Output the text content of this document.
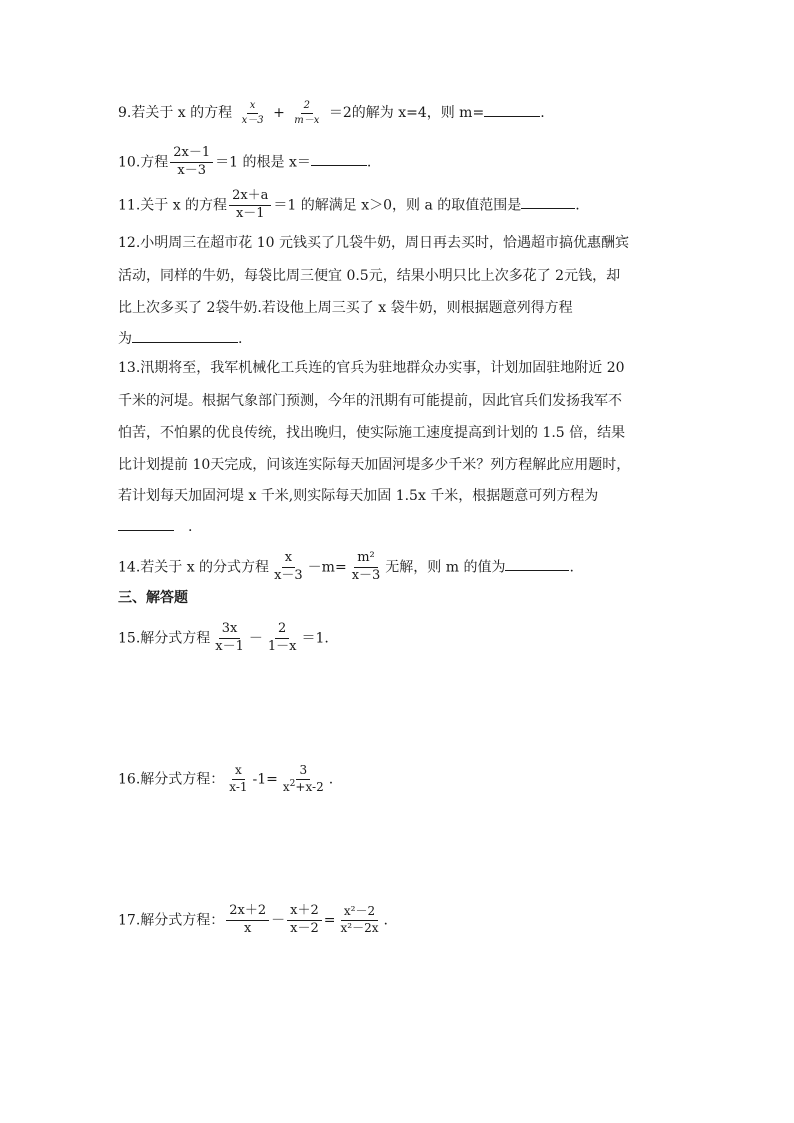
9.若关于 x 的方程 $\frac{x}{x-3} + \frac{2}{m-x} =2$的解为 x=4，则 m=	.
10.方程 $\frac{2x-1}{x-3} =1$ 的根是 x＝	.
11.关于 x 的方程 $\frac{2x+a}{x-1} =1$ 的解满足 x＞0，则 a 的取值范围是	.
12.小明周三在超市花 10 元钱买了几袋牛奶，周日再去买时，恰遇超市搞优惠酬宾
活动，同样的牛奶，每袋比周三便宜 0.5元，结果小明只比上次多花了 2元钱，却
比上次多买了 2袋牛奶.若设他上周三买了 x 袋牛奶，则根据题意列得方程
为	.
13.汛期将至，我军机械化工兵连的官兵为驻地群众办实事，计划加固驻地附近 20
千米的河堤。根据气象部门预测，今年的汛期有可能提前，因此官兵们发扬我军不
怕苦，不怕累的优良传统，找出晚归，使实际施工速度提高到计划的 1.5 倍，结果
比计划提前 10天完成，问该连实际每天加固河堤多少千米？列方程解此应用题时，
若计划每天加固河堤 x 千米,则实际每天加固 1.5x 千米，根据题意可列方程为
.
14.若关于 x 的分式方程 $\frac{x}{x-3} -m= \frac{\text{m²}}{x-3}$ 无解，则 m 的值为	.
三、解答题
15.解分式方程 $\frac{3x}{x-1} - \frac{2}{1-x} =1$.
16.解分式方程： $\frac{x}{x-1} -1= \frac{3}{x^2+x-2}$ .
17.解分式方程： $\frac{2x+2}{x} - \frac{x+2}{x-2} = \frac{\text{x²－2}}{\text{x²－2x}}$ .
